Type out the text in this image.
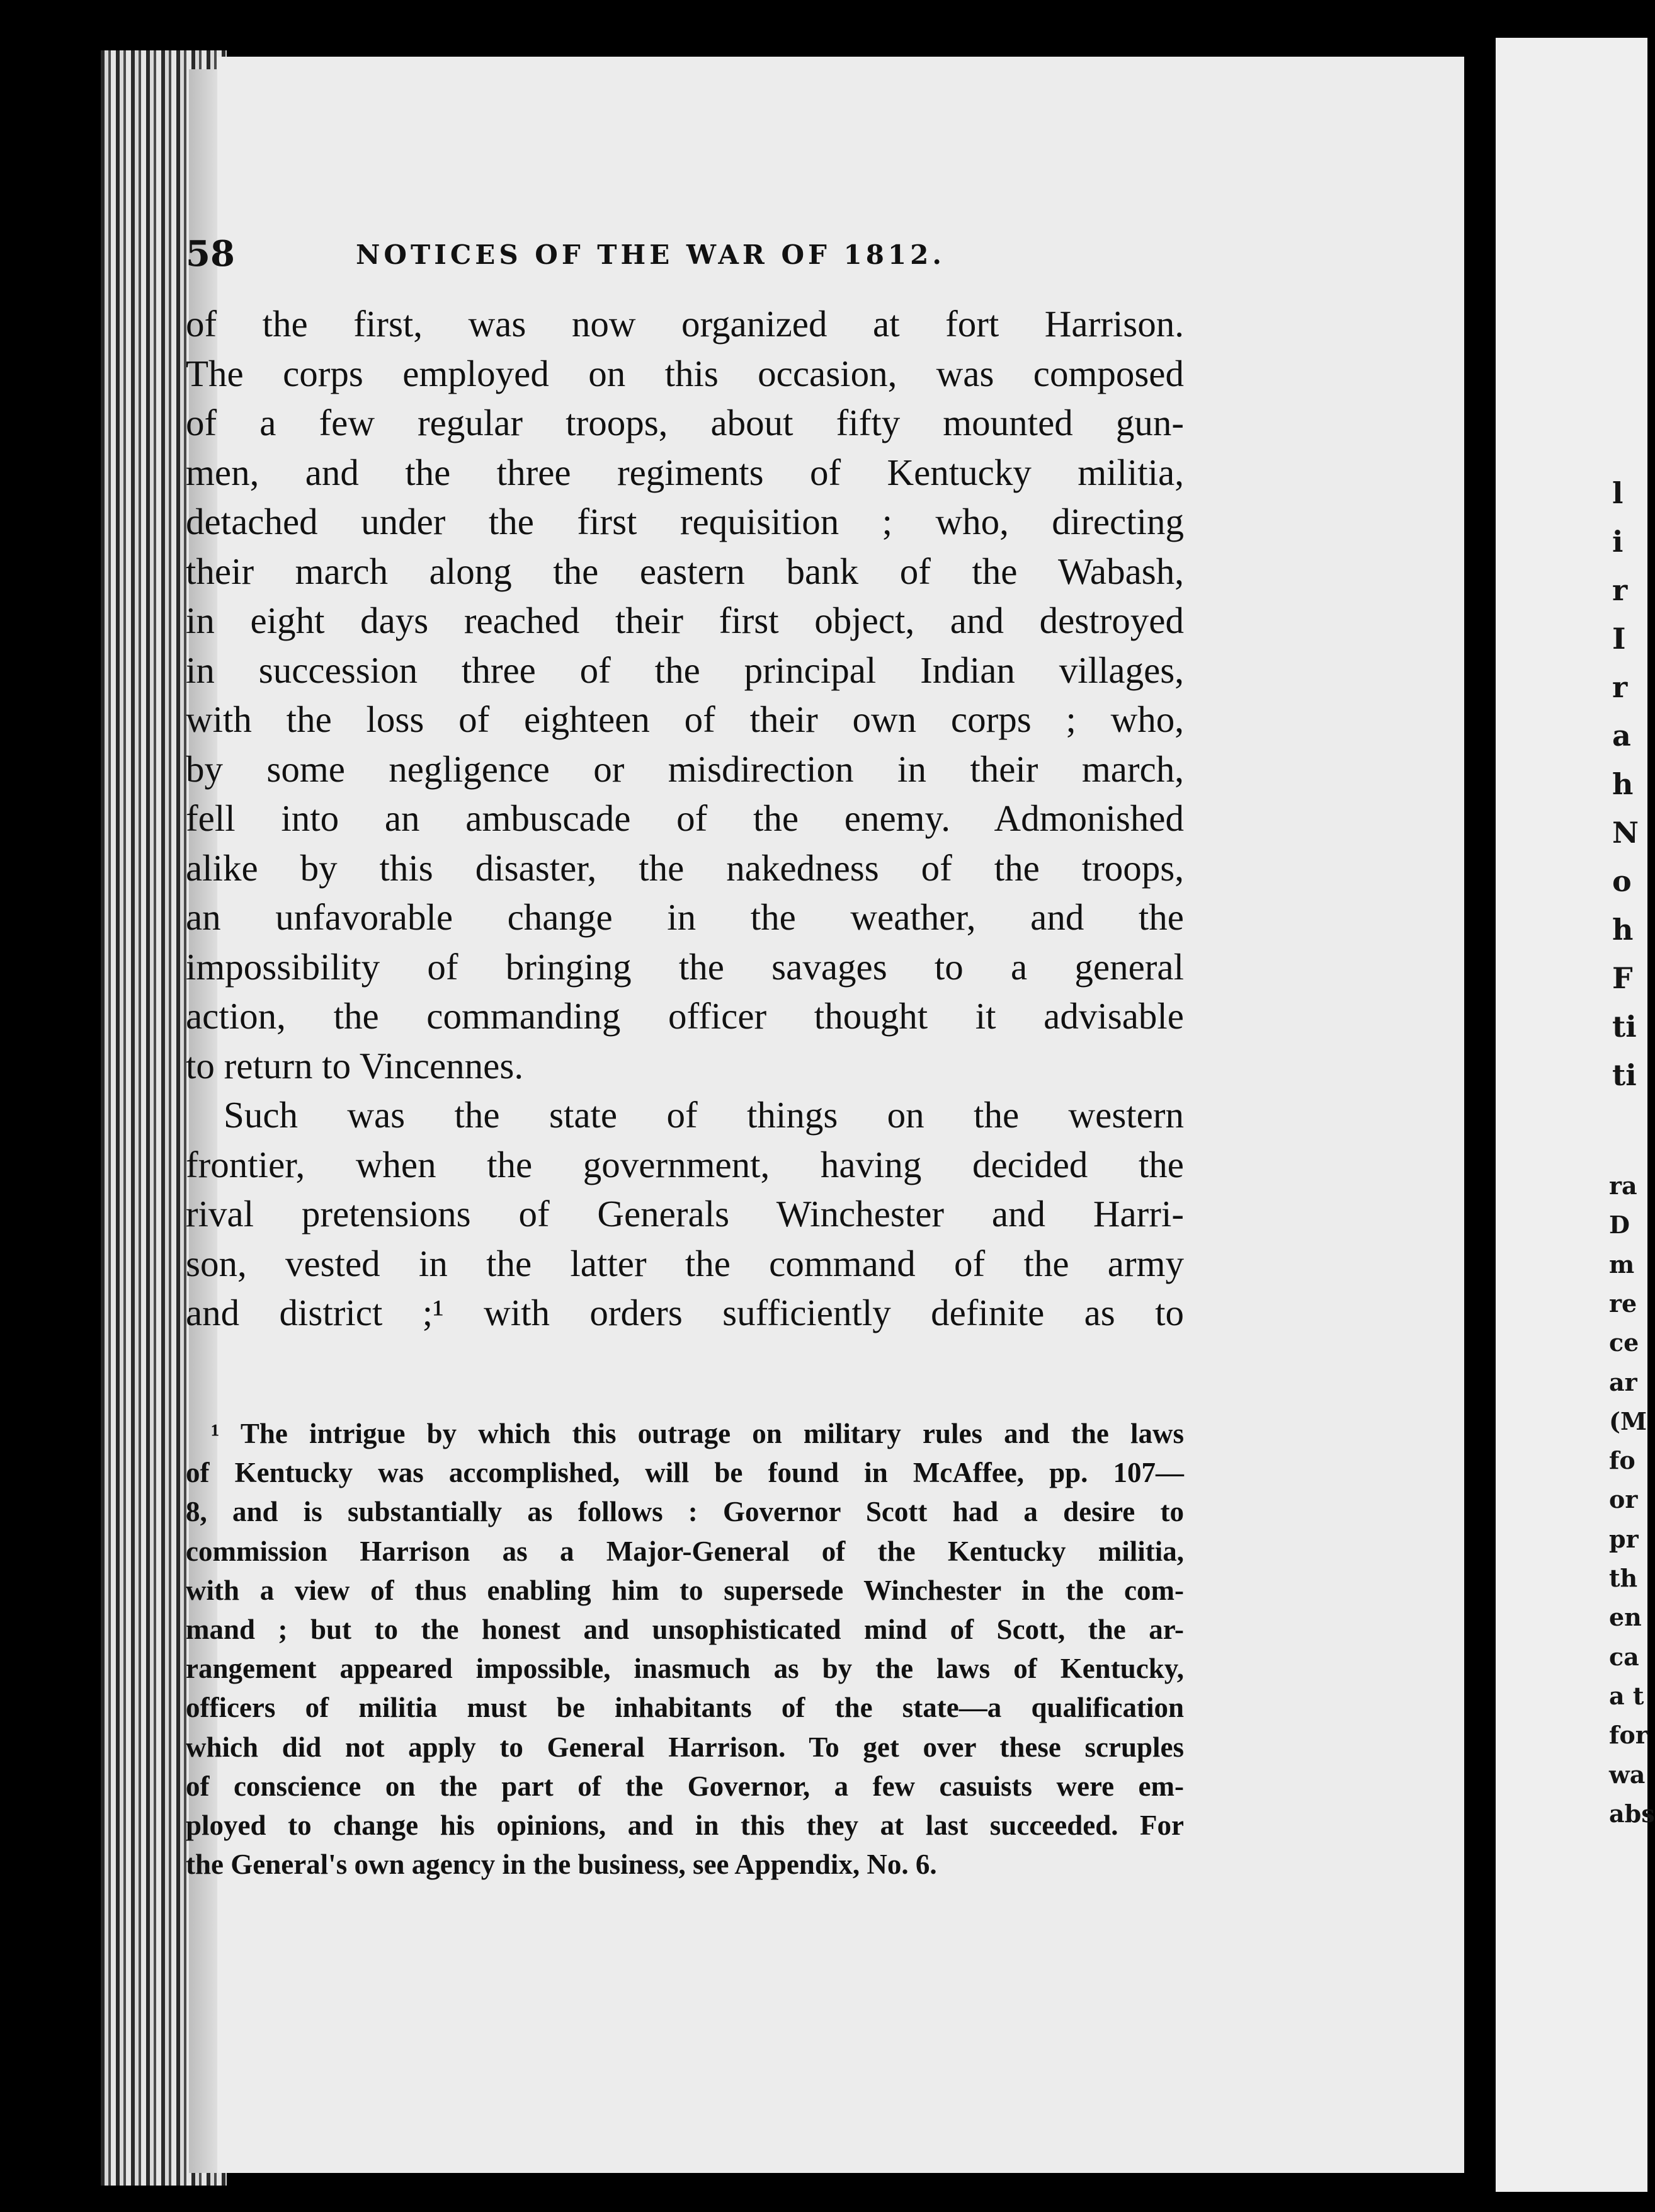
l
i
r
I
r
a
h
N
o
h
F
ti
ti
ra
D
m
re
ce
ar
(M
fo
or
pr
th
en
ca
a t
for
wa
abs
58	NOTICES OF THE WAR OF 1812.
of the first, was now organized at fort Harrison.
The corps employed on this occasion, was composed
of a few regular troops, about fifty mounted gun-
men, and the three regiments of Kentucky militia,
detached under the first requisition ; who, directing
their march along the eastern bank of the Wabash,
in eight days reached their first object, and destroyed
in succession three of the principal Indian villages,
with the loss of eighteen of their own corps ; who,
by some negligence or misdirection in their march,
fell into an ambuscade of the enemy. Admonished
alike by this disaster, the nakedness of the troops,
an unfavorable change in the weather, and the
impossibility of bringing the savages to a general
action, the commanding officer thought it advisable
to return to Vincennes.
Such was the state of things on the western
frontier, when the government, having decided the
rival pretensions of Generals Winchester and Harri-
son, vested in the latter the command of the army
and district ;¹ with orders sufficiently definite as to
¹ The intrigue by which this outrage on military rules and the laws
of Kentucky was accomplished, will be found in McAffee, pp. 107—
8, and is substantially as follows : Governor Scott had a desire to
commission Harrison as a Major-General of the Kentucky militia,
with a view of thus enabling him to supersede Winchester in the com-
mand ; but to the honest and unsophisticated mind of Scott, the ar-
rangement appeared impossible, inasmuch as by the laws of Kentucky,
officers of militia must be inhabitants of the state—a qualification
which did not apply to General Harrison. To get over these scruples
of conscience on the part of the Governor, a few casuists were em-
ployed to change his opinions, and in this they at last succeeded. For
the General's own agency in the business, see Appendix, No. 6.
